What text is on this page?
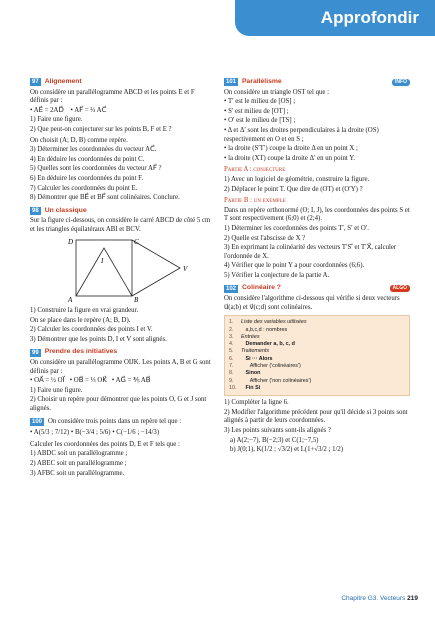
Approfondir
97 Alignement

On considère un parallélogramme ABCD et les points E et F définis par :

• AE⃗ = 2AD⃗ • AF⃗ = ⅔ AC⃗

1) Faire une figure.

2) Que peut-on conjecturer sur les points B, F et E ?

On choisit (A; D, B) comme repère.

3) Déterminer les coordonnées du vecteur AC⃗.

4) En déduire les coordonnées du point C.

5) Quelles sont les coordonnées du vecteur AF⃗ ?

6) En déduire les coordonnées du point F.

7) Calculer les coordonnées du point E.

8) Démontrer que BE⃗ et BF⃗ sont colinéaires. Conclure.

98 Un classique

Sur la figure ci-dessous, on considère le carré ABCD de côté 5 cm et les triangles équilatéraux ABI et BCV.

D	C
I
V
A	B

1) Construire la figure en vrai grandeur.

On se place dans le repère (A; B, D).

2) Calculer les coordonnées des points I et V.

3) Démontrer que les points D, I et V sont alignés.

99 Prendre des initiatives

On considère un parallélogramme OIJK. Les points A, B et G sont définis par :

• OA⃗ = ½ OI⃗ • OB⃗ = ⅓ OK⃗ • AG⃗ = ⅗ AB⃗

1) Faire une figure.

2) Choisir un repère pour démontrer que les points O, G et J sont alignés.

100 On considère trois points dans un repère tel que :

• A(5/3 ; 7/12) • B(−3/4 ; 5/6) • C(−1/6 ; −14/3)

Calculer les coordonnées des points D, E et F tels que :

1) ABDC soit un parallélogramme ;

2) ABEC soit un parallélogramme ;

3) AFBC soit un parallélogramme.

101 Parallélisme	INFO

On considère un triangle OST tel que :

• T′ est le milieu de [OS] ;

• S′ est milieu de [OT] ;

• O′ est le milieu de [TS] ;

• Δ et Δ′ sont les droites perpendiculaires à la droite (OS) respectivement en O et en S ;

• la droite (S′T′) coupe la droite Δ en un point X ;

• la droite (XT) coupe la droite Δ′ en un point Y.

Partie A : conjecture

1) Avec un logiciel de géométrie, construire la figure.

2) Déplacer le point T. Que dire de (OT) et (O′Y) ?

Partie B : un exemple

Dans un repère orthonormé (O; I, J), les coordonnées des points S et T sont respectivement (6;0) et (2;4).

1) Déterminer les coordonnées des points T′, S′ et O′.

2) Quelle est l'abscisse de X ?

3) En exprimant la colinéarité des vecteurs T′S′⃗ et T′X⃗, calculer l'ordonnée de X.

4) Vérifier que le point Y a pour coordonnées (6;6).

5) Vérifier la conjecture de la partie A.

102 Colinéaire ?	ALGO

On considère l'algorithme ci-dessous qui vérifie si deux vecteurs u⃗(a;b) et v⃗(c;d) sont colinéaires.

1. Liste des variables utilisées
2.   a,b,c,d : nombres
3. Entrées
4.   Demander a, b, c, d
5. Traitements
6.   Si ··· Alors
7.      Afficher ('colinéaires')
8.   Sinon
9.      Afficher ('non colinéaires')
10.   Fin Si

1) Compléter la ligne 6.

2) Modifier l'algorithme précédent pour qu'il décide si 3 points sont alignés à partir de leurs coordonnées.

3) Les points suivants sont-ils alignés ?

a) A(2;−7), B(−2;3) et C(1;−7,5)

b) J(0;1), K(1/2 ; √3/2) et L(1+√3/2 ; 1/2)

Chapitre G3. Vecteurs 219
